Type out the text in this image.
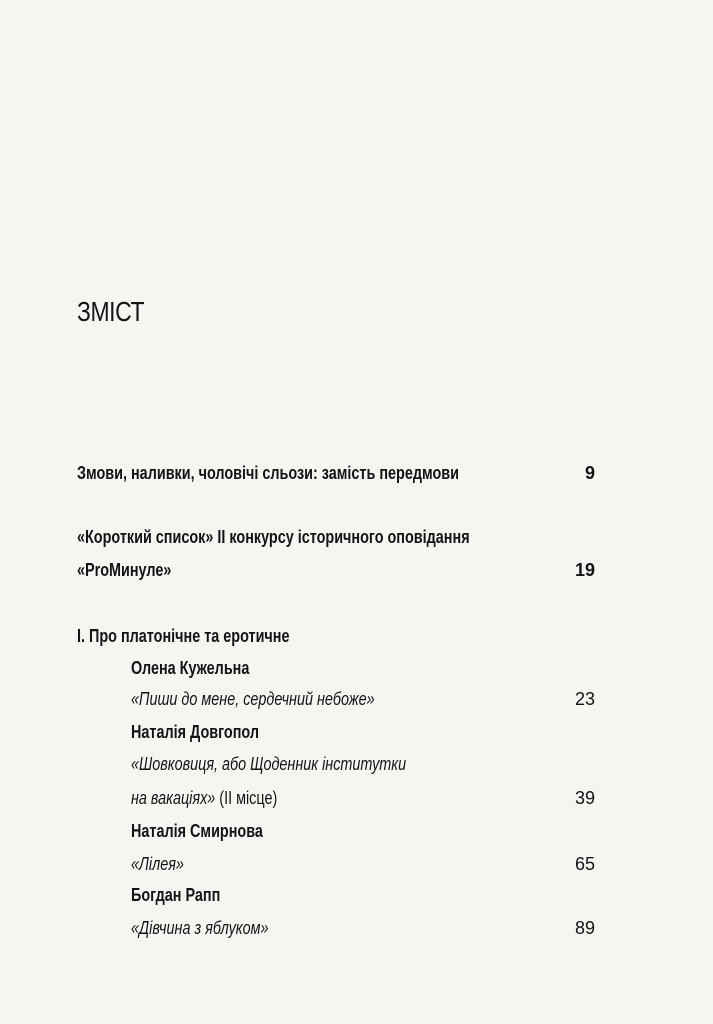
ЗМІСТ
Змови, наливки, чоловічі сльози: замість передмови	9
«Короткий список» ІІ конкурсу історичного оповідання
«ProМинуле»	19
І. Про платонічне та еротичне
Олена Кужельна
«Пиши до мене, сердечний небоже»	23
Наталія Довгопол
«Шовковиця, або Щоденник інститутки
на вакаціях» (ІІ місце)	39
Наталія Смирнова
«Лілея»	65
Богдан Рапп
«Дівчина з яблуком»	89
